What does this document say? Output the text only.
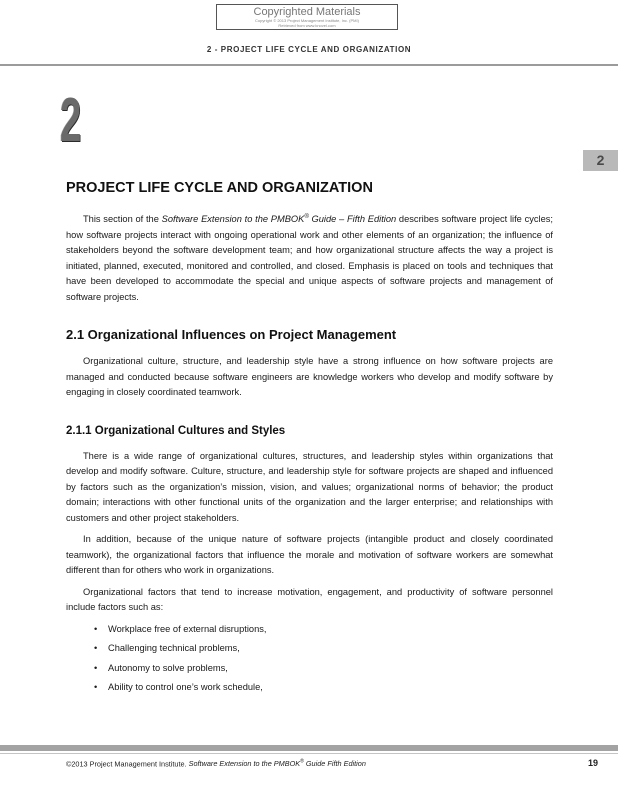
Copyrighted Materials
Copyright © 2013 Project Management Institute, Inc. (PMI)
Retrieved from www.knovel.com
2 - PROJECT LIFE CYCLE AND ORGANIZATION
2
2
PROJECT LIFE CYCLE AND ORGANIZATION

This section of the Software Extension to the PMBOK® Guide – Fifth Edition describes software project life cycles; how software projects interact with ongoing operational work and other elements of an organization; the influence of stakeholders beyond the software development team; and how organizational structure affects the way a project is initiated, planned, executed, monitored and controlled, and closed. Emphasis is placed on tools and techniques that have been developed to accommodate the special and unique aspects of software projects and management of software projects.

2.1 Organizational Influences on Project Management

Organizational culture, structure, and leadership style have a strong influence on how software projects are managed and conducted because software engineers are knowledge workers who develop and modify software by engaging in closely coordinated teamwork.

2.1.1 Organizational Cultures and Styles

There is a wide range of organizational cultures, structures, and leadership styles within organizations that develop and modify software. Culture, structure, and leadership style for software projects are shaped and influenced by factors such as the organization’s mission, vision, and values; organizational norms of behavior; the product domain; interactions with other functional units of the organization and the larger enterprise; and relationships with customers and other project stakeholders.

In addition, because of the unique nature of software projects (intangible product and closely coordinated teamwork), the organizational factors that influence the morale and motivation of software workers are somewhat different than for others who work in organizations.

Organizational factors that tend to increase motivation, engagement, and productivity of software personnel include factors such as:

• Workplace free of external disruptions,
• Challenging technical problems,
• Autonomy to solve problems,
• Ability to control one’s work schedule,
©2013 Project Management Institute. Software Extension to the PMBOK® Guide Fifth Edition	19
